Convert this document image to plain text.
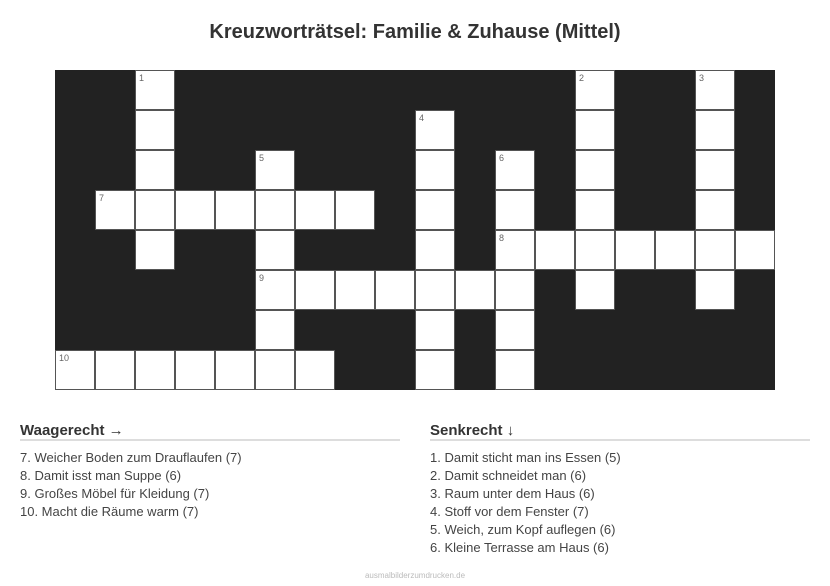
Kreuzworträtsel: Familie & Zuhause (Mittel)
1	2	3
4
5	6
7
8
9
10
Waagerecht →
7. Weicher Boden zum Drauflaufen (7)
8. Damit isst man Suppe (6)
9. Großes Möbel für Kleidung (7)
10. Macht die Räume warm (7)
Senkrecht ↓
1. Damit sticht man ins Essen (5)
2. Damit schneidet man (6)
3. Raum unter dem Haus (6)
4. Stoff vor dem Fenster (7)
5. Weich, zum Kopf auflegen (6)
6. Kleine Terrasse am Haus (6)
ausmalbilderzumdrucken.de
